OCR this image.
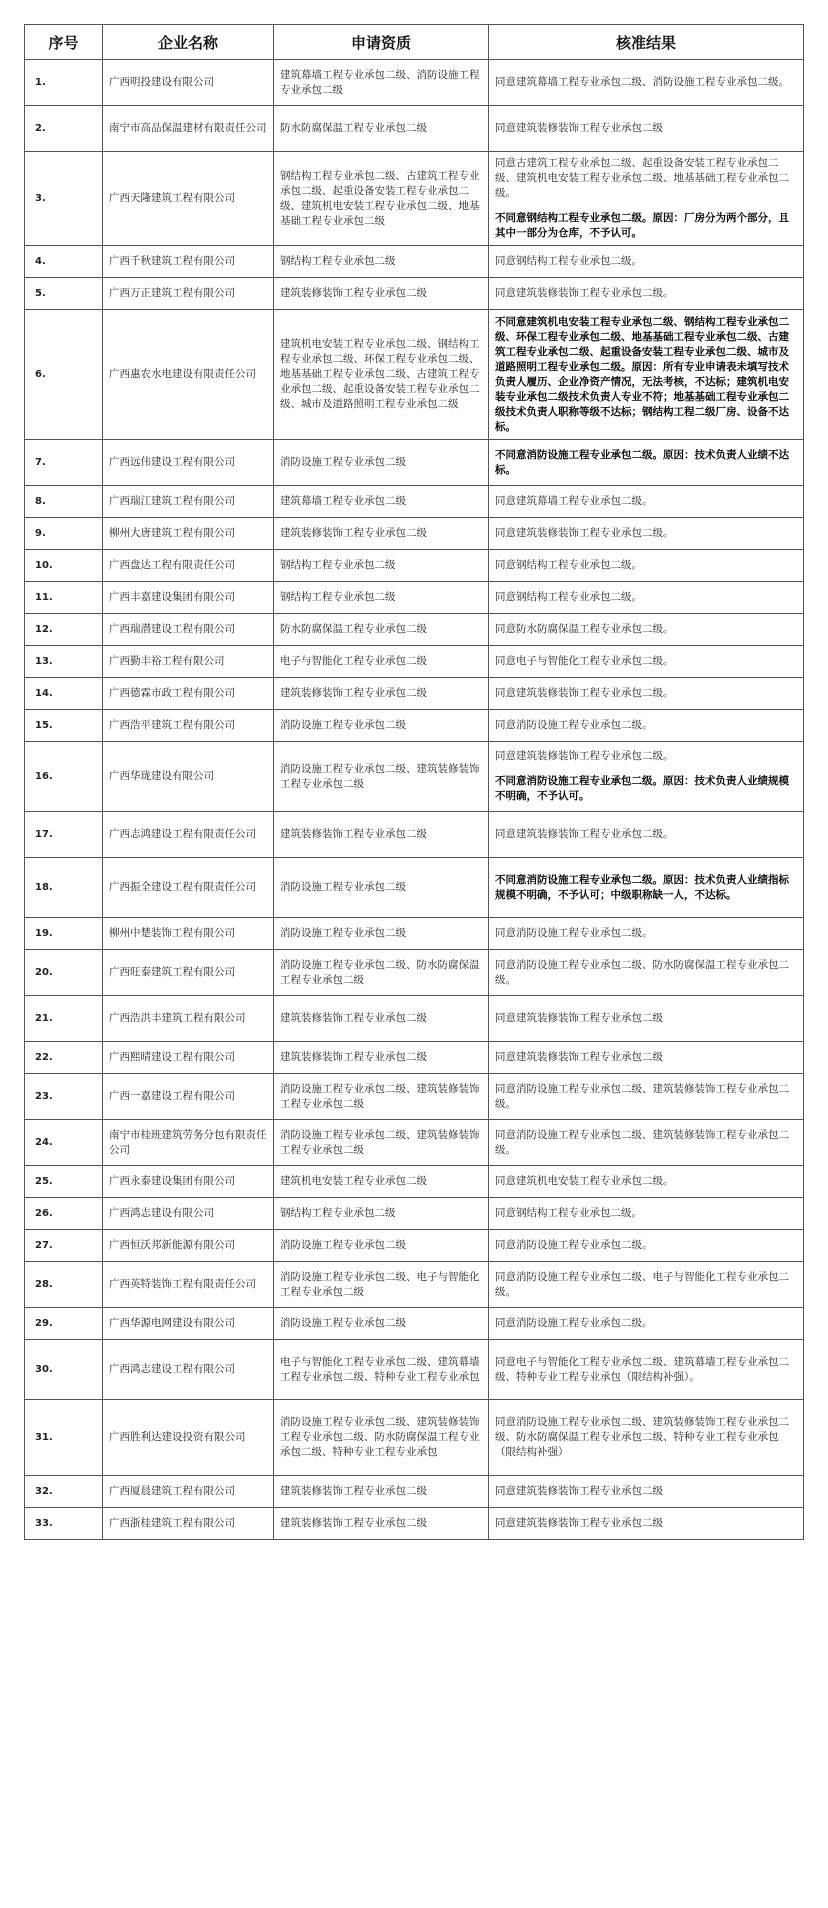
序号	企业名称	申请资质	核准结果
1.	广西明投建设有限公司	建筑幕墙工程专业承包二级、消防设施工程专业承包二级	同意建筑幕墙工程专业承包二级、消防设施工程专业承包二级。

2.	南宁市高品保温建材有限责任公司	防水防腐保温工程专业承包二级	同意建筑装修装饰工程专业承包二级

3.	广西天隆建筑工程有限公司	钢结构工程专业承包二级、古建筑工程专业承包二级、起重设备安装工程专业承包二级、建筑机电安装工程专业承包二级、地基基础工程专业承包二级	同意古建筑工程专业承包二级、起重设备安装工程专业承包二级、建筑机电安装工程专业承包二级、地基基础工程专业承包二级。

不同意钢结构工程专业承包二级。原因：厂房分为两个部分，且其中一部分为仓库，不予认可。

4.	广西千秋建筑工程有限公司	钢结构工程专业承包二级	同意钢结构工程专业承包二级。

5.	广西万正建筑工程有限公司	建筑装修装饰工程专业承包二级	同意建筑装修装饰工程专业承包二级。

6.	广西惠农水电建设有限责任公司	建筑机电安装工程专业承包二级、钢结构工程专业承包二级、环保工程专业承包二级、地基基础工程专业承包二级、古建筑工程专业承包二级、起重设备安装工程专业承包二级、城市及道路照明工程专业承包二级	不同意建筑机电安装工程专业承包二级、钢结构工程专业承包二级、环保工程专业承包二级、地基基础工程专业承包二级、古建筑工程专业承包二级、起重设备安装工程专业承包二级、城市及道路照明工程专业承包二级。原因：所有专业申请表未填写技术负责人履历、企业净资产情况，无法考核，不达标；建筑机电安装专业承包二级技术负责人专业不符；地基基础工程专业承包二级技术负责人职称等级不达标；钢结构工程二级厂房、设备不达标。

7.	广西远伟建设工程有限公司	消防设施工程专业承包二级	不同意消防设施工程专业承包二级。原因：技术负责人业绩不达标。

8.	广西瑞江建筑工程有限公司	建筑幕墙工程专业承包二级	同意建筑幕墙工程专业承包二级。

9.	柳州大唐建筑工程有限公司	建筑装修装饰工程专业承包二级	同意建筑装修装饰工程专业承包二级。

10.	广西盘达工程有限责任公司	钢结构工程专业承包二级	同意钢结构工程专业承包二级。

11.	广西丰嘉建设集团有限公司	钢结构工程专业承包二级	同意钢结构工程专业承包二级。

12.	广西瑞潜建设工程有限公司	防水防腐保温工程专业承包二级	同意防水防腐保温工程专业承包二级。

13.	广西勤丰裕工程有限公司	电子与智能化工程专业承包二级	同意电子与智能化工程专业承包二级。

14.	广西德霖市政工程有限公司	建筑装修装饰工程专业承包二级	同意建筑装修装饰工程专业承包二级。

15.	广西浩平建筑工程有限公司	消防设施工程专业承包二级	同意消防设施工程专业承包二级。

16.	广西华珑建设有限公司	消防设施工程专业承包二级、建筑装修装饰工程专业承包二级	同意建筑装修装饰工程专业承包二级。

不同意消防设施工程专业承包二级。原因：技术负责人业绩规模不明确，不予认可。

17.	广西志鸿建设工程有限责任公司	建筑装修装饰工程专业承包二级	同意建筑装修装饰工程专业承包二级。

18.	广西振全建设工程有限责任公司	消防设施工程专业承包二级	不同意消防设施工程专业承包二级。原因：技术负责人业绩指标规模不明确，不予认可；中级职称缺一人，不达标。

19.	柳州中楚装饰工程有限公司	消防设施工程专业承包二级	同意消防设施工程专业承包二级。

20.	广西旺泰建筑工程有限公司	消防设施工程专业承包二级、防水防腐保温工程专业承包二级	同意消防设施工程专业承包二级、防水防腐保温工程专业承包二级。

21.	广西浩洪丰建筑工程有限公司	建筑装修装饰工程专业承包二级	同意建筑装修装饰工程专业承包二级

22.	广西熙晴建设工程有限公司	建筑装修装饰工程专业承包二级	同意建筑装修装饰工程专业承包二级

23.	广西一嘉建设工程有限公司	消防设施工程专业承包二级、建筑装修装饰工程专业承包二级	同意消防设施工程专业承包二级、建筑装修装饰工程专业承包二级。

24.	南宁市桂班建筑劳务分包有限责任公司	消防设施工程专业承包二级、建筑装修装饰工程专业承包二级	同意消防设施工程专业承包二级、建筑装修装饰工程专业承包二级。

25.	广西永泰建设集团有限公司	建筑机电安装工程专业承包二级	同意建筑机电安装工程专业承包二级。

26.	广西鸿志建设有限公司	钢结构工程专业承包二级	同意钢结构工程专业承包二级。

27.	广西恒沃邦新能源有限公司	消防设施工程专业承包二级	同意消防设施工程专业承包二级。

28.	广西英特装饰工程有限责任公司	消防设施工程专业承包二级、电子与智能化工程专业承包二级	同意消防设施工程专业承包二级、电子与智能化工程专业承包二级。

29.	广西华源电网建设有限公司	消防设施工程专业承包二级	同意消防设施工程专业承包二级。

30.	广西鸿志建设工程有限公司	电子与智能化工程专业承包二级、建筑幕墙工程专业承包二级、特种专业工程专业承包	同意电子与智能化工程专业承包二级、建筑幕墙工程专业承包二级、特种专业工程专业承包（限结构补强）。

31.	广西胜利达建设投资有限公司	消防设施工程专业承包二级、建筑装修装饰工程专业承包二级、防水防腐保温工程专业承包二级、特种专业工程专业承包	同意消防设施工程专业承包二级、建筑装修装饰工程专业承包二级、防水防腐保温工程专业承包二级、特种专业工程专业承包（限结构补强）

32.	广西厦晨建筑工程有限公司	建筑装修装饰工程专业承包二级	同意建筑装修装饰工程专业承包二级

33.	广西浙桂建筑工程有限公司	建筑装修装饰工程专业承包二级	同意建筑装修装饰工程专业承包二级
